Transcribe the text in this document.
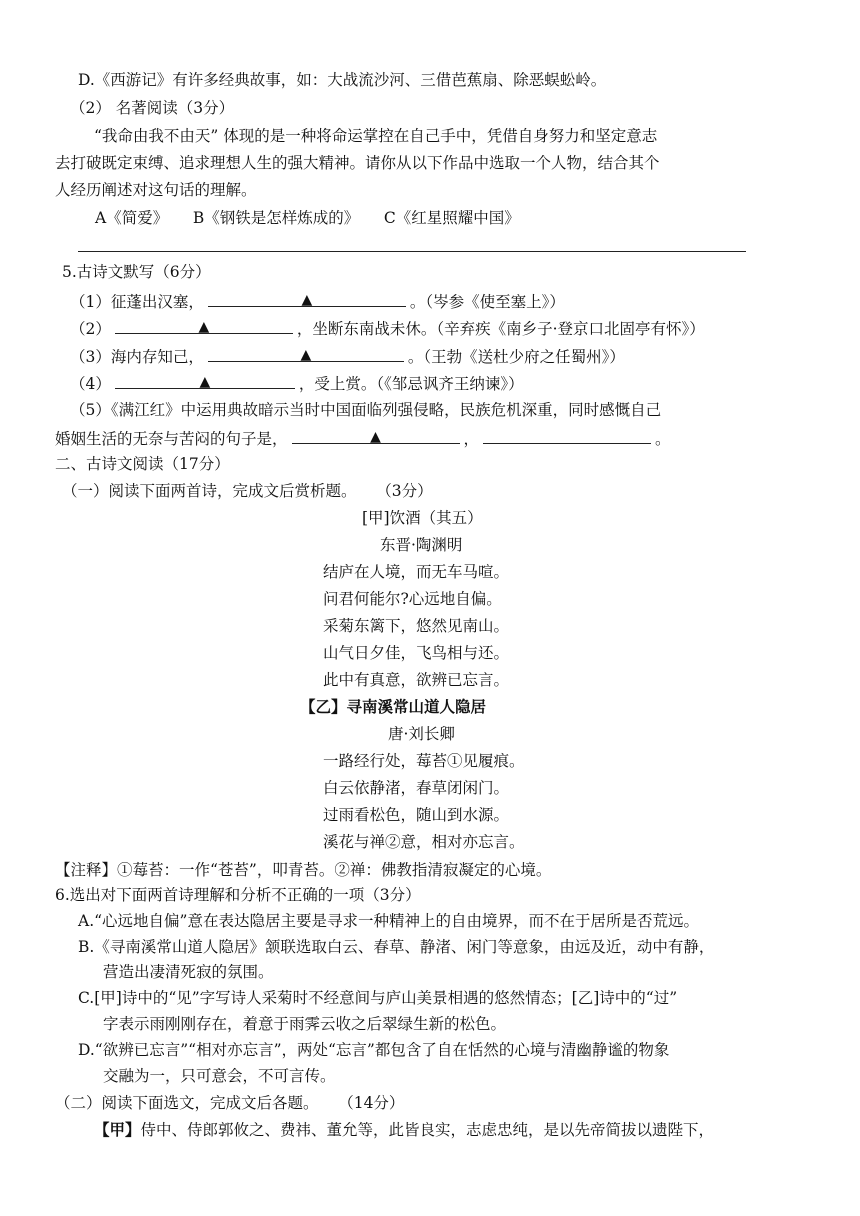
D.《西游记》有许多经典故事，如：大战流沙河、三借芭蕉扇、除恶蜈蚣岭。
（2） 名著阅读（3分）
“我命由我不由天” 体现的是一种将命运掌控在自己手中，凭借自身努力和坚定意志
去打破既定束缚、追求理想人生的强大精神。请你从以下作品中选取一个人物，结合其个
人经历阐述对这句话的理解。
A《简爱》     B《钢铁是怎样炼成的》     C《红星照耀中国》
5.古诗文默写（6分）
（1）征蓬出汉塞，	▲	。（岑参《使至塞上》）
（2）	▲	，坐断东南战未休。（辛弃疾《南乡子·登京口北固亭有怀》）
（3）海内存知己，	▲	。（王勃《送杜少府之任蜀州》）
（4）	▲	，受上赏。（《邹忌讽齐王纳谏》）
（5）《满江红》中运用典故暗示当时中国面临列强侵略，民族危机深重，同时感慨自己
婚姻生活的无奈与苦闷的句子是，	▲	，	。
二、古诗文阅读（17分）
（一）阅读下面两首诗，完成文后赏析题。    （3分）
[甲]饮酒（其五）
东晋·陶渊明
结庐在人境，而无车马喧。
问君何能尔?心远地自偏。
采菊东篱下，悠然见南山。
山气日夕佳，飞鸟相与还。
此中有真意，欲辨已忘言。
【乙】寻南溪常山道人隐居
唐·刘长卿
一路经行处，莓苔①见履痕。
白云依静渚，春草闭闲门。
过雨看松色，随山到水源。
溪花与禅②意，相对亦忘言。
【注释】①莓苔：一作“苍苔”，叩青苔。②禅：佛教指清寂凝定的心境。
6.选出对下面两首诗理解和分析不正确的一项（3分）
A.“心远地自偏”意在表达隐居主要是寻求一种精神上的自由境界，而不在于居所是否荒远。
B.《寻南溪常山道人隐居》颔联选取白云、春草、静渚、闲门等意象，由远及近，动中有静，
营造出凄清死寂的氛围。
C.[甲]诗中的“见”字写诗人采菊时不经意间与庐山美景相遇的悠然情态；[乙]诗中的“过”
字表示雨刚刚存在，着意于雨霁云收之后翠绿生新的松色。
D.“欲辨已忘言”“相对亦忘言”，两处“忘言”都包含了自在恬然的心境与清幽静谧的物象
交融为一，只可意会，不可言传。
（二）阅读下面选文，完成文后各题。    （14分）
【甲】侍中、侍郎郭攸之、费祎、董允等，此皆良实，志虑忠纯，是以先帝简拔以遗陛下，
